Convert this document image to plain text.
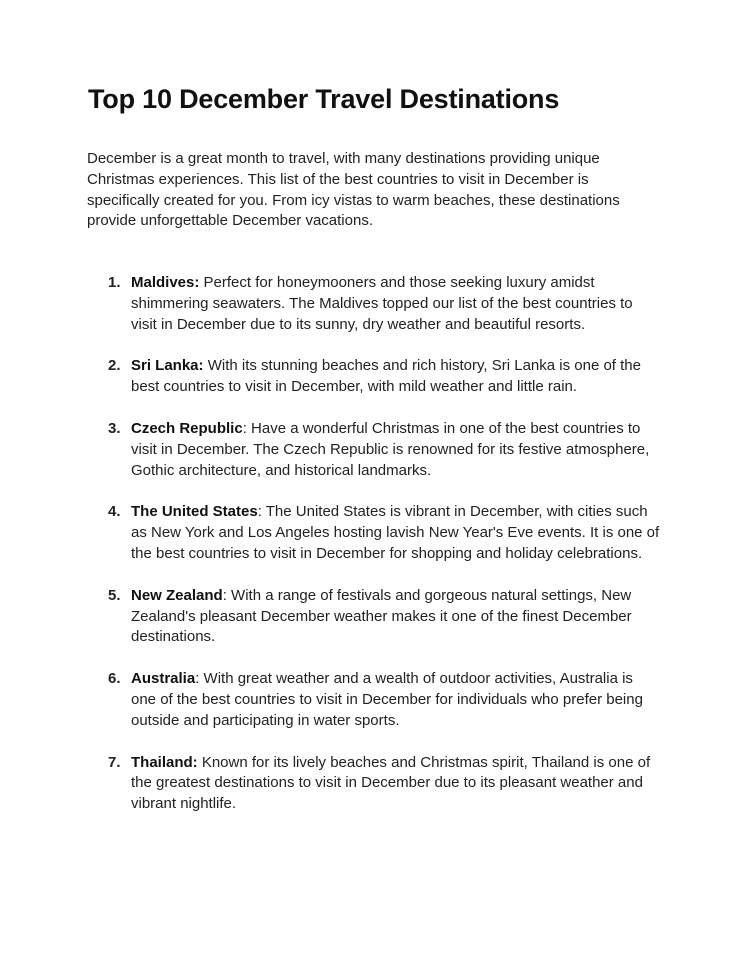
Top 10 December Travel Destinations

December is a great month to travel, with many destinations providing unique Christmas experiences. This list of the best countries to visit in December is specifically created for you. From icy vistas to warm beaches, these destinations provide unforgettable December vacations.

1. Maldives: Perfect for honeymooners and those seeking luxury amidst shimmering seawaters. The Maldives topped our list of the best countries to visit in December due to its sunny, dry weather and beautiful resorts.
2. Sri Lanka: With its stunning beaches and rich history, Sri Lanka is one of the best countries to visit in December, with mild weather and little rain.
3. Czech Republic: Have a wonderful Christmas in one of the best countries to visit in December. The Czech Republic is renowned for its festive atmosphere, Gothic architecture, and historical landmarks.
4. The United States: The United States is vibrant in December, with cities such as New York and Los Angeles hosting lavish New Year's Eve events. It is one of the best countries to visit in December for shopping and holiday celebrations.
5. New Zealand: With a range of festivals and gorgeous natural settings, New Zealand's pleasant December weather makes it one of the finest December destinations.
6. Australia: With great weather and a wealth of outdoor activities, Australia is one of the best countries to visit in December for individuals who prefer being outside and participating in water sports.
7. Thailand: Known for its lively beaches and Christmas spirit, Thailand is one of the greatest destinations to visit in December due to its pleasant weather and vibrant nightlife.
